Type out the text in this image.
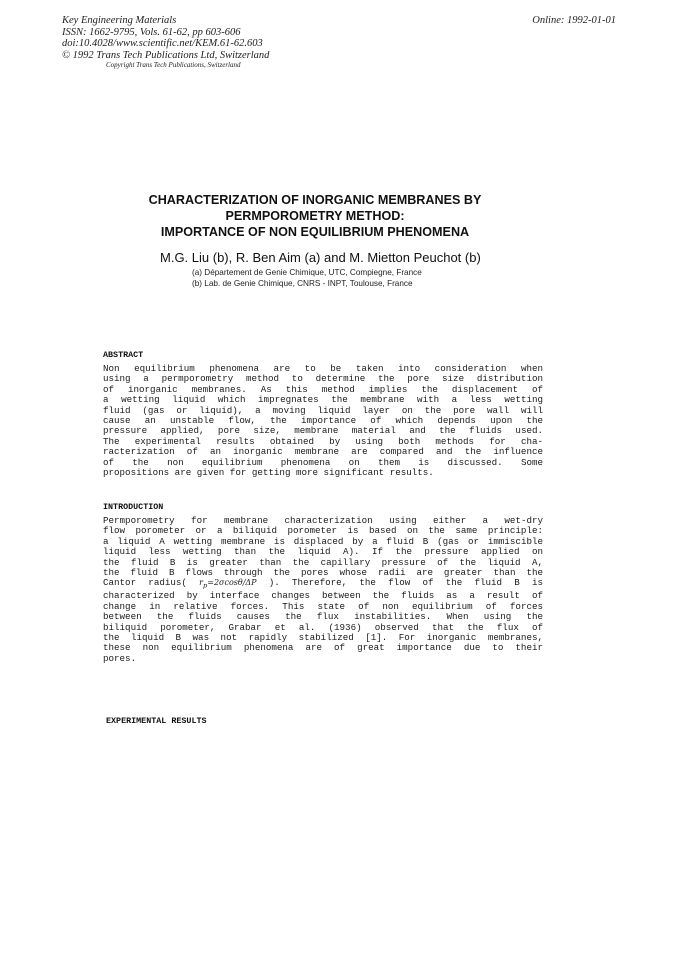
Key Engineering Materials
ISSN: 1662-9795, Vols. 61-62, pp 603-606
doi:10.4028/www.scientific.net/KEM.61-62.603
© 1992 Trans Tech Publications Ltd, Switzerland
Copyright Trans Tech Publications, Switzerland
Online: 1992-01-01
CHARACTERIZATION OF INORGANIC MEMBRANES BY
PERMPOROMETRY METHOD:
IMPORTANCE OF NON EQUILIBRIUM PHENOMENA
M.G. Liu (b), R. Ben Aim (a) and M. Mietton Peuchot (b)
(a) Département de Genie Chimique, UTC, Compiegne, France
(b) Lab. de Genie Chimique, CNRS - INPT, Toulouse, France
ABSTRACT
Non equilibrium phenomena are to be taken into consideration when
using a permporometry method to determine the pore size distribution
of inorganic membranes. As this method implies the displacement of
a wetting liquid which impregnates the membrane with a less wetting
fluid (gas or liquid), a moving liquid layer on the pore wall will
cause an unstable flow, the importance of which depends upon the
pressure applied, pore size, membrane material and the fluids used.
The experimental results obtained by using both methods for cha-
racterization of an inorganic membrane are compared and the influence
of the non equilibrium phenomena on them is discussed. Some
propositions are given for getting more significant results.
INTRODUCTION
Permporometry for membrane characterization using either a wet-dry
flow porometer or a biliquid porometer is based on the same principle:
a liquid A wetting membrane is displaced by a fluid B (gas or immiscible
liquid less wetting than the liquid A). If the pressure applied on
the fluid B is greater than the capillary pressure of the liquid A,
the fluid B flows through the pores whose radii are greater than the
Cantor radius( $r_p=2\sigma\cos\theta/\Delta P$ ). Therefore, the flow of the fluid B is
characterized by interface changes between the fluids as a result of
change in relative forces. This state of non equilibrium of forces
between the fluids causes the flux instabilities. When using the
biliquid porometer, Grabar et al. (1936) observed that the flux of
the liquid B was not rapidly stabilized [1]. For inorganic membranes,
these non equilibrium phenomena are of great importance due to their
pores.
EXPERIMENTAL RESULTS
